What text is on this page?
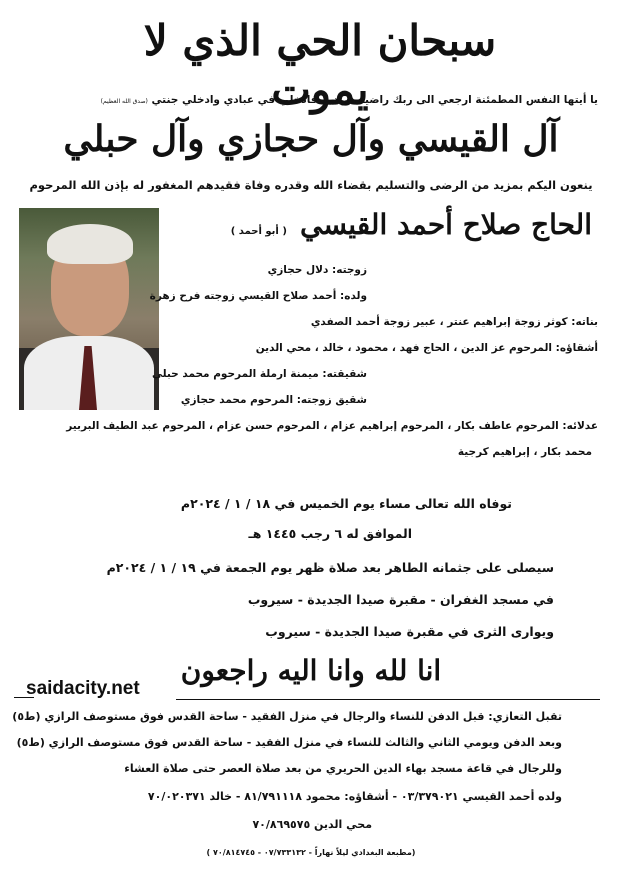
سبحان الحي الذي لا يموت
يا أيتها النفس المطمئنة ارجعي الى ربك راضية مرضية فادخلي في عبادي وادخلي جنتي (صدق الله العظيم)
آل القيسي وآل حجازي وآل حبلي
ينعون اليكم بمزيد من الرضى والتسليم بقضاء الله وقدره وفاة فقيدهم المغفور له بإذن الله المرحوم
الحاج صلاح أحمد القيسي ( أبو أحمد )
زوجته: دلال حجازي
ولده: أحمد صلاح القيسي زوجته فرح زهرة
بناته: كوثر زوجة إبراهيم عنتر ، عبير زوجة أحمد الصفدي
أشقاؤه: المرحوم عز الدين ، الحاج فهد ، محمود ، خالد ، محي الدين
شقيقته: ميمنة ارملة المرحوم محمد حبلي
شقيق زوجته: المرحوم محمد حجازي
عدلائه: المرحوم عاطف بكار ، المرحوم إبراهيم عزام ، المرحوم حسن عزام ، المرحوم عبد الطيف البربير
محمد بكار ، إبراهيم كرجية
توفاه الله تعالى مساء يوم الخميس في ١٨ / ١ / ٢٠٢٤م
الموافق له ٦ رجب ١٤٤٥ هـ
سيصلى على جثمانه الطاهر بعد صلاة ظهر يوم الجمعة في ١٩ / ١ / ٢٠٢٤م
في مسجد الغفران - مقبرة صيدا الجديدة - سيروب
ويوارى الثرى في مقبرة صيدا الجديدة - سيروب
انا لله وانا اليه راجعون
saidacity.net
تقبل التعازي: قبل الدفن للنساء والرجال في منزل الفقيد - ساحة القدس فوق مستوصف الرازي (ط٥)
وبعد الدفن ويومي الثاني والثالث للنساء في منزل الفقيد - ساحة القدس فوق مستوصف الرازي (ط٥)
وللرجال في قاعة مسجد بهاء الدين الحريري من بعد صلاة العصر حتى صلاة العشاء
ولده أحمد القيسي ٠٣/٣٧٩٠٢١ - أشقاؤه: محمود ٨١/٧٩١١١٨ - خالد ٧٠/٠٢٠٣٧١
محي الدين ٧٠/٨٦٩٥٧٥
(مطبعة البغدادي ليلاً نهاراً - ٠٧/٧٣٣١٣٢ - ٧٠/٨١٤٧٤٥ )
